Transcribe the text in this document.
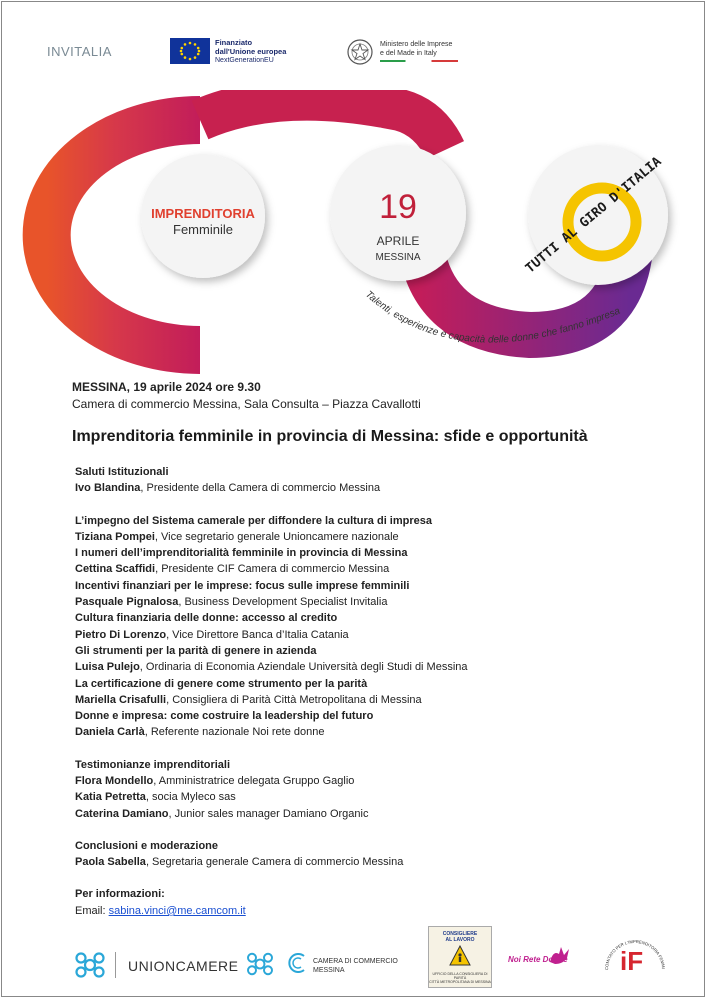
INVITALIA
Finanziato
dall'Unione europea
NextGenerationEU
Ministero delle Imprese
e del Made in Italy
IMPRENDITORIA
Femminile
19
APRILE
MESSINA	TUTTI AL GIRO D'ITALIA
Talenti, esperienze e capacità delle donne che fanno impresa
MESSINA, 19 aprile 2024 ore 9.30
Camera di commercio Messina, Sala Consulta – Piazza Cavallotti
Imprenditoria femminile in provincia di Messina: sfide e opportunità
Saluti Istituzionali
Ivo Blandina, Presidente della Camera di commercio Messina
L’impegno del Sistema camerale per diffondere la cultura di impresa
Tiziana Pompei, Vice segretario generale Unioncamere nazionale
I numeri dell’imprenditorialità femminile in provincia di Messina
Cettina Scaffidi, Presidente CIF Camera di commercio Messina
Incentivi finanziari per le imprese: focus sulle imprese femminili
Pasquale Pignalosa, Business Development Specialist Invitalia
Cultura finanziaria delle donne: accesso al credito
Pietro Di Lorenzo, Vice Direttore Banca d’Italia Catania
Gli strumenti per la parità di genere in azienda
Luisa Pulejo, Ordinaria di Economia Aziendale Università degli Studi di Messina
La certificazione di genere come strumento per la parità
Mariella Crisafulli, Consigliera di Parità Città Metropolitana di Messina
Donne e impresa: come costruire la leadership del futuro
Daniela Carlà, Referente nazionale Noi rete donne
Testimonianze imprenditoriali
Flora Mondello, Amministratrice delegata Gruppo Gaglio
Katia Petretta, socia Myleco sas
Caterina Damiano, Junior sales manager Damiano Organic
Conclusioni e moderazione
Paola Sabella, Segretaria generale Camera di commercio Messina
Per informazioni:
Email: sabina.vinci@me.camcom.it
UNIONCAMERE	CAMERA DI COMMERCIO
MESSINA
CONSIGLIERE
AL LAVORO
UFFICIO DELLA CONSIGLIERA DI PARITÀ
CITTÀ METROPOLITANA DI MESSINA
Noi Rete Donne
COMITATO PER L'IMPRENDITORIA FEMMI
iF
